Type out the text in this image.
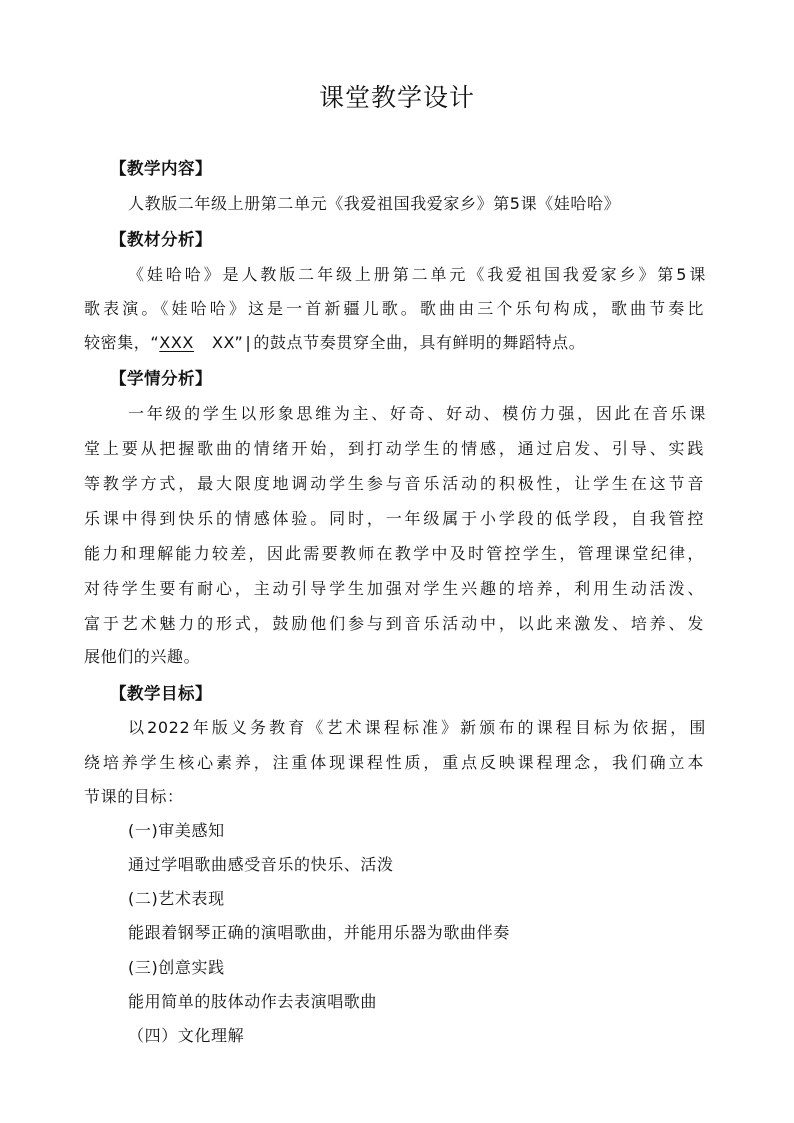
课堂教学设计
【教学内容】
人教版二年级上册第二单元《我爱祖国我爱家乡》第5课《娃哈哈》
【教材分析】
《娃哈哈》是人教版二年级上册第二单元《我爱祖国我爱家乡》第5课
歌表演。《娃哈哈》这是一首新疆儿歌。歌曲由三个乐句构成，歌曲节奏比
较密集，“XXX XX” | 的鼓点节奏贯穿全曲，具有鲜明的舞蹈特点。
【学情分析】
一年级的学生以形象思维为主、好奇、好动、模仿力强，因此在音乐课
堂上要从把握歌曲的情绪开始，到打动学生的情感，通过启发、引导、实践
等教学方式，最大限度地调动学生参与音乐活动的积极性，让学生在这节音
乐课中得到快乐的情感体验。同时，一年级属于小学段的低学段，自我管控
能力和理解能力较差，因此需要教师在教学中及时管控学生，管理课堂纪律，
对待学生要有耐心，主动引导学生加强对学生兴趣的培养，利用生动活泼、
富于艺术魅力的形式，鼓励他们参与到音乐活动中，以此来激发、培养、发
展他们的兴趣。
【教学目标】
以2022年版义务教育《艺术课程标准》新颁布的课程目标为依据，围
绕培养学生核心素养，注重体现课程性质，重点反映课程理念，我们确立本
节课的目标：
(一)审美感知
通过学唱歌曲感受音乐的快乐、活泼
(二)艺术表现
能跟着钢琴正确的演唱歌曲，并能用乐器为歌曲伴奏
(三)创意实践
能用简单的肢体动作去表演唱歌曲
（四）文化理解
